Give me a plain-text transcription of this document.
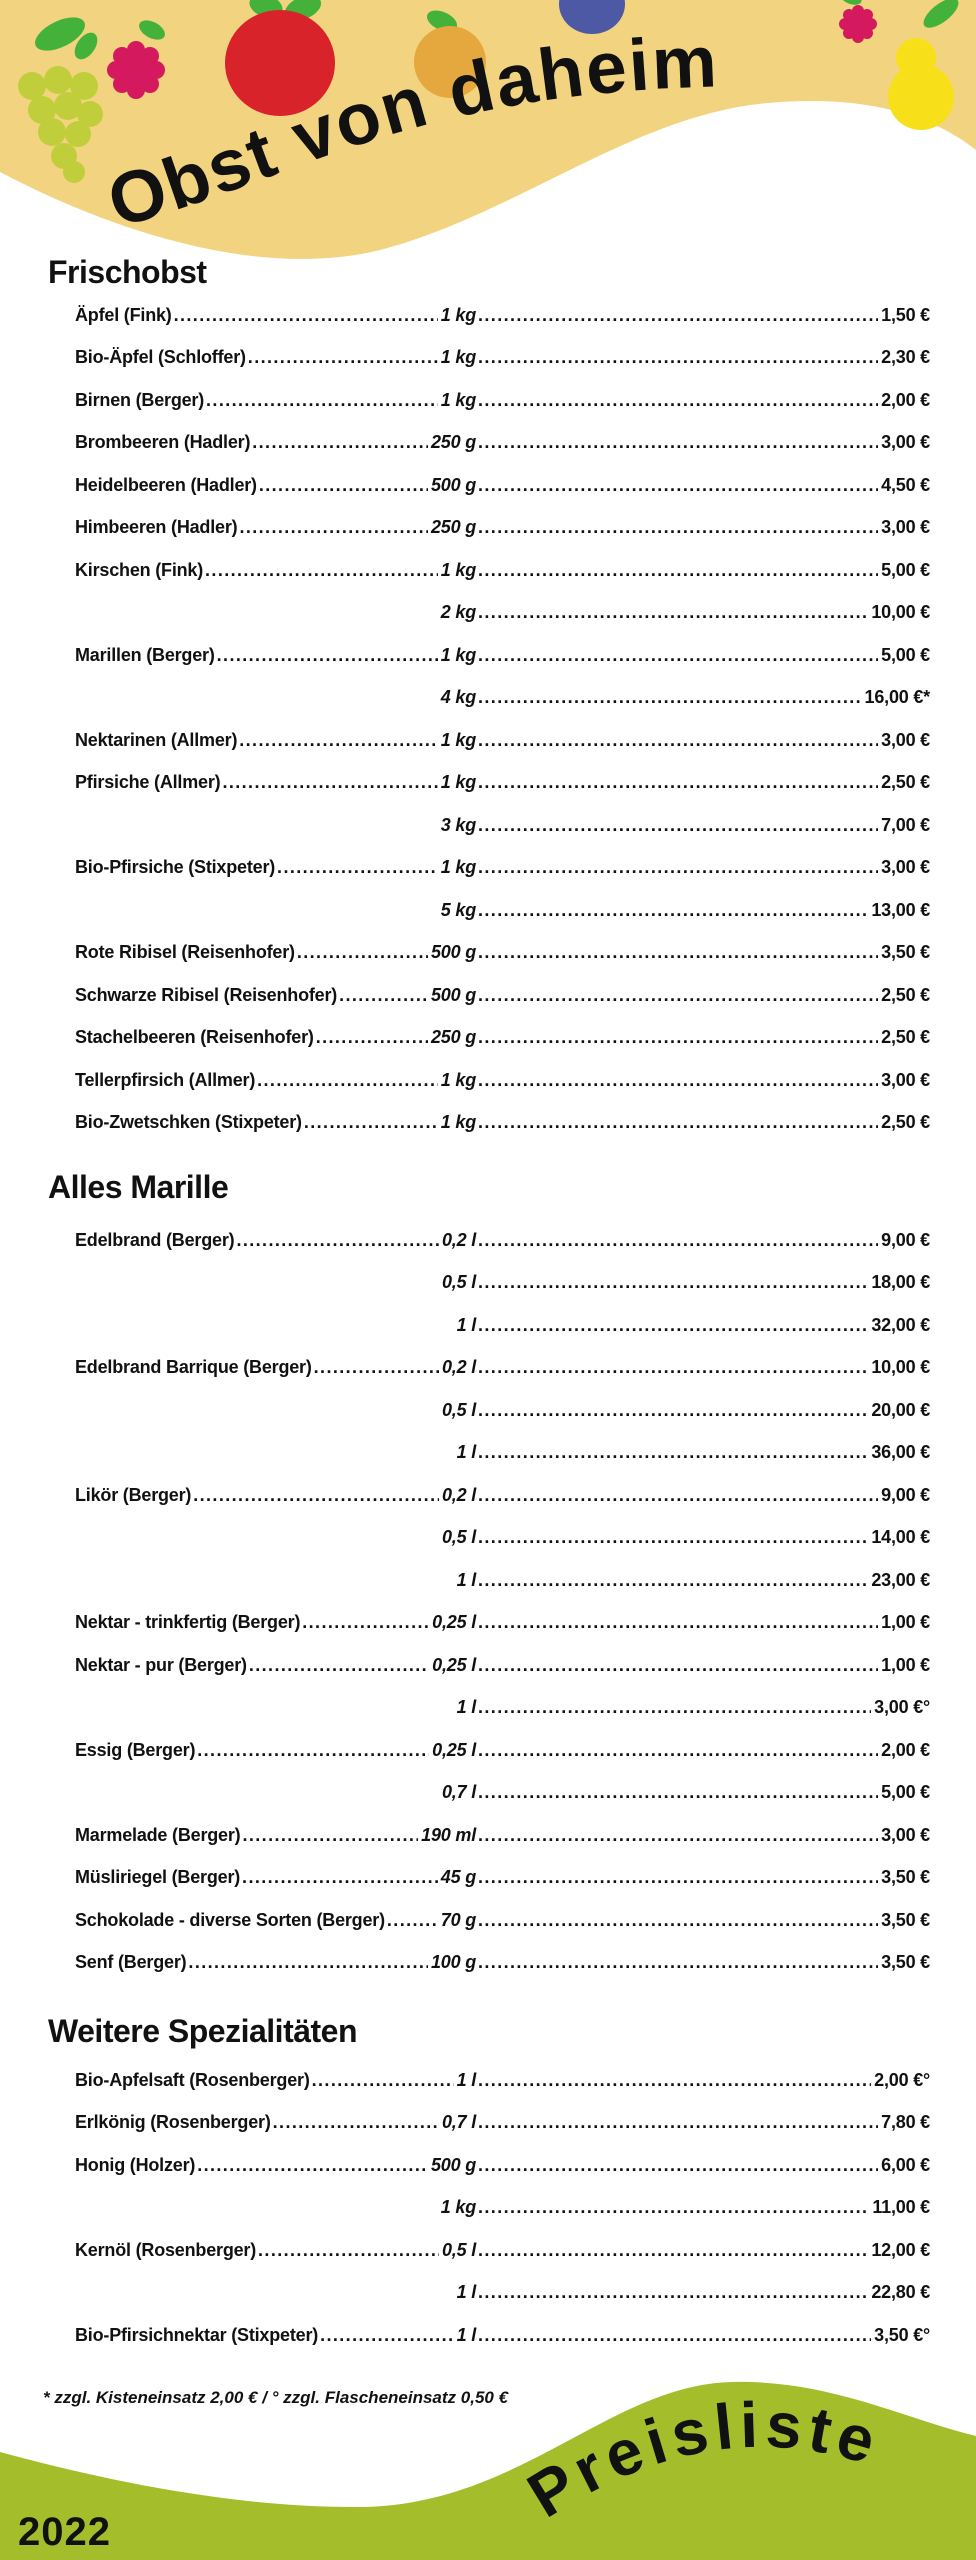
Obst von daheim
Frischobst
Alles Marille
Weitere Spezialitäten
Äpfel (Fink) .....	1 kg .....	1,50 €
Bio-Äpfel (Schloffer) .....	1 kg .....	2,30 €
Birnen (Berger) .....	1 kg .....	2,00 €
Brombeeren (Hadler) .....	250 g .....	3,00 €
Heidelbeeren (Hadler) .....	500 g .....	4,50 €
Himbeeren (Hadler) .....	250 g .....	3,00 €
Kirschen (Fink) .....	1 kg .....	5,00 €
2 kg .....	10,00 €
Marillen (Berger) .....	1 kg .....	5,00 €
4 kg .....	16,00 €*
Nektarinen (Allmer) .....	1 kg .....	3,00 €
Pfirsiche (Allmer) .....	1 kg .....	2,50 €
3 kg .....	7,00 €
Bio-Pfirsiche (Stixpeter) .....	1 kg .....	3,00 €
5 kg .....	13,00 €
Rote Ribisel (Reisenhofer) .....	500 g .....	3,50 €
Schwarze Ribisel (Reisenhofer) .....	500 g .....	2,50 €
Stachelbeeren (Reisenhofer) .....	250 g .....	2,50 €
Tellerpfirsich (Allmer) .....	1 kg .....	3,00 €
Bio-Zwetschken (Stixpeter) .....	1 kg .....	2,50 €
Edelbrand (Berger) .....	0,2 l .....	9,00 €
0,5 l .....	18,00 €
1 l .....	32,00 €
Edelbrand Barrique (Berger) .....	0,2 l .....	10,00 €
0,5 l .....	20,00 €
1 l .....	36,00 €
Likör (Berger) .....	0,2 l .....	9,00 €
0,5 l .....	14,00 €
1 l .....	23,00 €
Nektar - trinkfertig (Berger) .....	0,25 l .....	1,00 €
Nektar - pur (Berger) .....	0,25 l .....	1,00 €
1 l .....	3,00 €°
Essig (Berger) .....	0,25 l .....	2,00 €
0,7 l .....	5,00 €
Marmelade (Berger) .....	190 ml .....	3,00 €
Müsliriegel (Berger) .....	45 g .....	3,50 €
Schokolade - diverse Sorten (Berger) .....	70 g .....	3,50 €
Senf (Berger) .....	100 g .....	3,50 €
Bio-Apfelsaft (Rosenberger) .....	1 l .....	2,00 €°
Erlkönig (Rosenberger) .....	0,7 l .....	7,80 €
Honig (Holzer) .....	500 g .....	6,00 €
1 kg .....	11,00 €
Kernöl (Rosenberger) .....	0,5 l .....	12,00 €
1 l .....	22,80 €
Bio-Pfirsichnektar (Stixpeter) .....	1 l .....	3,50 €°
* zzgl. Kisteneinsatz 2,00 € / ° zzgl. Flascheneinsatz 0,50 €
Preisliste
2022
